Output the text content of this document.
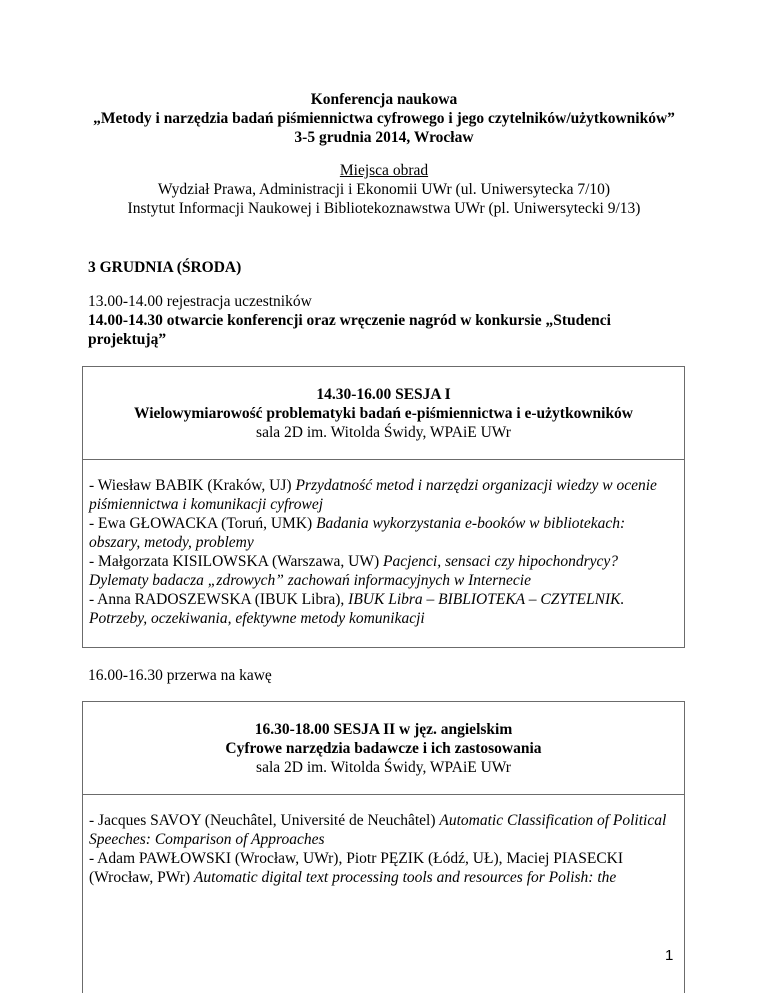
Konferencja naukowa
„Metody i narzędzia badań piśmiennictwa cyfrowego i jego czytelników/użytkowników”
3-5 grudnia 2014, Wrocław
Miejsca obrad
Wydział Prawa, Administracji i Ekonomii UWr (ul. Uniwersytecka 7/10)
Instytut Informacji Naukowej i Bibliotekoznawstwa UWr (pl. Uniwersytecki 9/13)
3 GRUDNIA (ŚRODA)
13.00-14.00 rejestracja uczestników
14.00-14.30 otwarcie konferencji oraz wręczenie nagród w konkursie „Studenci
projektują”
14.30-16.00 SESJA I
Wielowymiarowość problematyki badań e-piśmiennictwa i e-użytkowników
sala 2D im. Witolda Świdy, WPAiE UWr
- Wiesław BABIK (Kraków, UJ) Przydatność metod i narzędzi organizacji wiedzy w ocenie
piśmiennictwa i komunikacji cyfrowej
- Ewa GŁOWACKA (Toruń, UMK) Badania wykorzystania e-booków w bibliotekach:
obszary, metody, problemy
- Małgorzata KISILOWSKA (Warszawa, UW) Pacjenci, sensaci czy hipochondrycy?
Dylematy badacza „zdrowych” zachowań informacyjnych w Internecie
- Anna RADOSZEWSKA (IBUK Libra), IBUK Libra – BIBLIOTEKA – CZYTELNIK.
Potrzeby, oczekiwania, efektywne metody komunikacji
16.00-16.30 przerwa na kawę
16.30-18.00 SESJA II w jęz. angielskim
Cyfrowe narzędzia badawcze i ich zastosowania
sala 2D im. Witolda Świdy, WPAiE UWr
- Jacques SAVOY (Neuchâtel, Université de Neuchâtel) Automatic Classification of Political
Speeches: Comparison of Approaches
- Adam PAWŁOWSKI (Wrocław, UWr), Piotr PĘZIK (Łódź, UŁ), Maciej PIASECKI
(Wrocław, PWr) Automatic digital text processing tools and resources for Polish: the
1
